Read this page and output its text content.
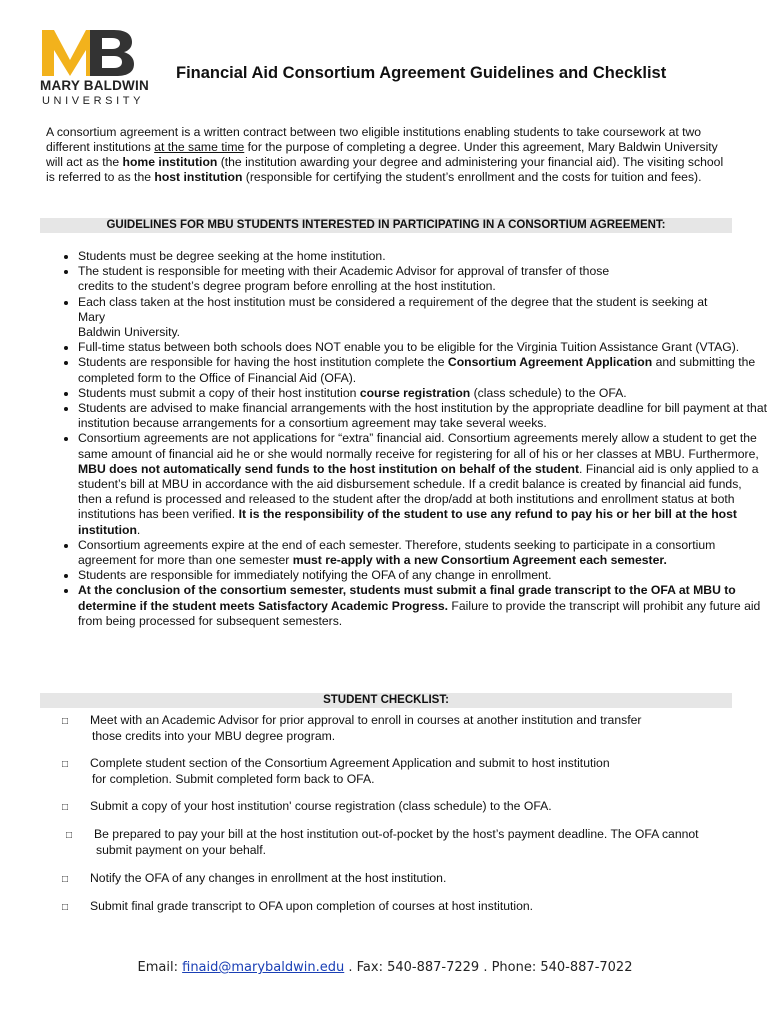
MARY BALDWIN
UNIVERSITY
Financial Aid Consortium Agreement Guidelines and Checklist

A consortium agreement is a written contract between two eligible institutions enabling students to take coursework at two different institutions at the same time for the purpose of completing a degree. Under this agreement, Mary Baldwin University will act as the home institution (the institution awarding your degree and administering your financial aid). The visiting school is referred to as the host institution (responsible for certifying the student’s enrollment and the costs for tuition and fees).

GUIDELINES FOR MBU STUDENTS INTERESTED IN PARTICIPATING IN A CONSORTIUM AGREEMENT:
• Students must be degree seeking at the home institution.
• The student is responsible for meeting with their Academic Advisor for approval of transfer of those
credits to the student’s degree program before enrolling at the host institution.
• Each class taken at the host institution must be considered a requirement of the degree that the student is seeking at
Mary
Baldwin University.
• Full-time status between both schools does NOT enable you to be eligible for the Virginia Tuition Assistance Grant (VTAG).
• Students are responsible for having the host institution complete the Consortium Agreement Application and submitting the completed form to the Office of Financial Aid (OFA).
• Students must submit a copy of their host institution course registration (class schedule) to the OFA.
• Students are advised to make financial arrangements with the host institution by the appropriate deadline for bill payment at that institution because arrangements for a consortium agreement may take several weeks.
• Consortium agreements are not applications for “extra” financial aid. Consortium agreements merely allow a student to get the same amount of financial aid he or she would normally receive for registering for all of his or her classes at MBU. Furthermore, MBU does not automatically send funds to the host institution on behalf of the student. Financial aid is only applied to a student’s bill at MBU in accordance with the aid disbursement schedule. If a credit balance is created by financial aid funds, then a refund is processed and released to the student after the drop/add at both institutions and enrollment status at both institutions has been verified. It is the responsibility of the student to use any refund to pay his or her bill at the host institution.
• Consortium agreements expire at the end of each semester. Therefore, students seeking to participate in a consortium agreement for more than one semester must re-apply with a new Consortium Agreement each semester.
• Students are responsible for immediately notifying the OFA of any change in enrollment.
• At the conclusion of the consortium semester, students must submit a final grade transcript to the OFA at MBU to determine if the student meets Satisfactory Academic Progress. Failure to provide the transcript will prohibit any future aid from being processed for subsequent semesters.
STUDENT CHECKLIST:
□ Meet with an Academic Advisor for prior approval to enroll in courses at another institution and transfer
those credits into your MBU degree program.
□ Complete student section of the Consortium Agreement Application and submit to host institution
for completion. Submit completed form back to OFA.
□ Submit a copy of your host institution' course registration (class schedule) to the OFA.
□ Be prepared to pay your bill at the host institution out-of-pocket by the host’s payment deadline. The OFA cannot
submit payment on your behalf.
□ Notify the OFA of any changes in enrollment at the host institution.
□ Submit final grade transcript to OFA upon completion of courses at host institution.
Email: finaid@marybaldwin.edu . Fax: 540-887-7229 . Phone: 540-887-7022
